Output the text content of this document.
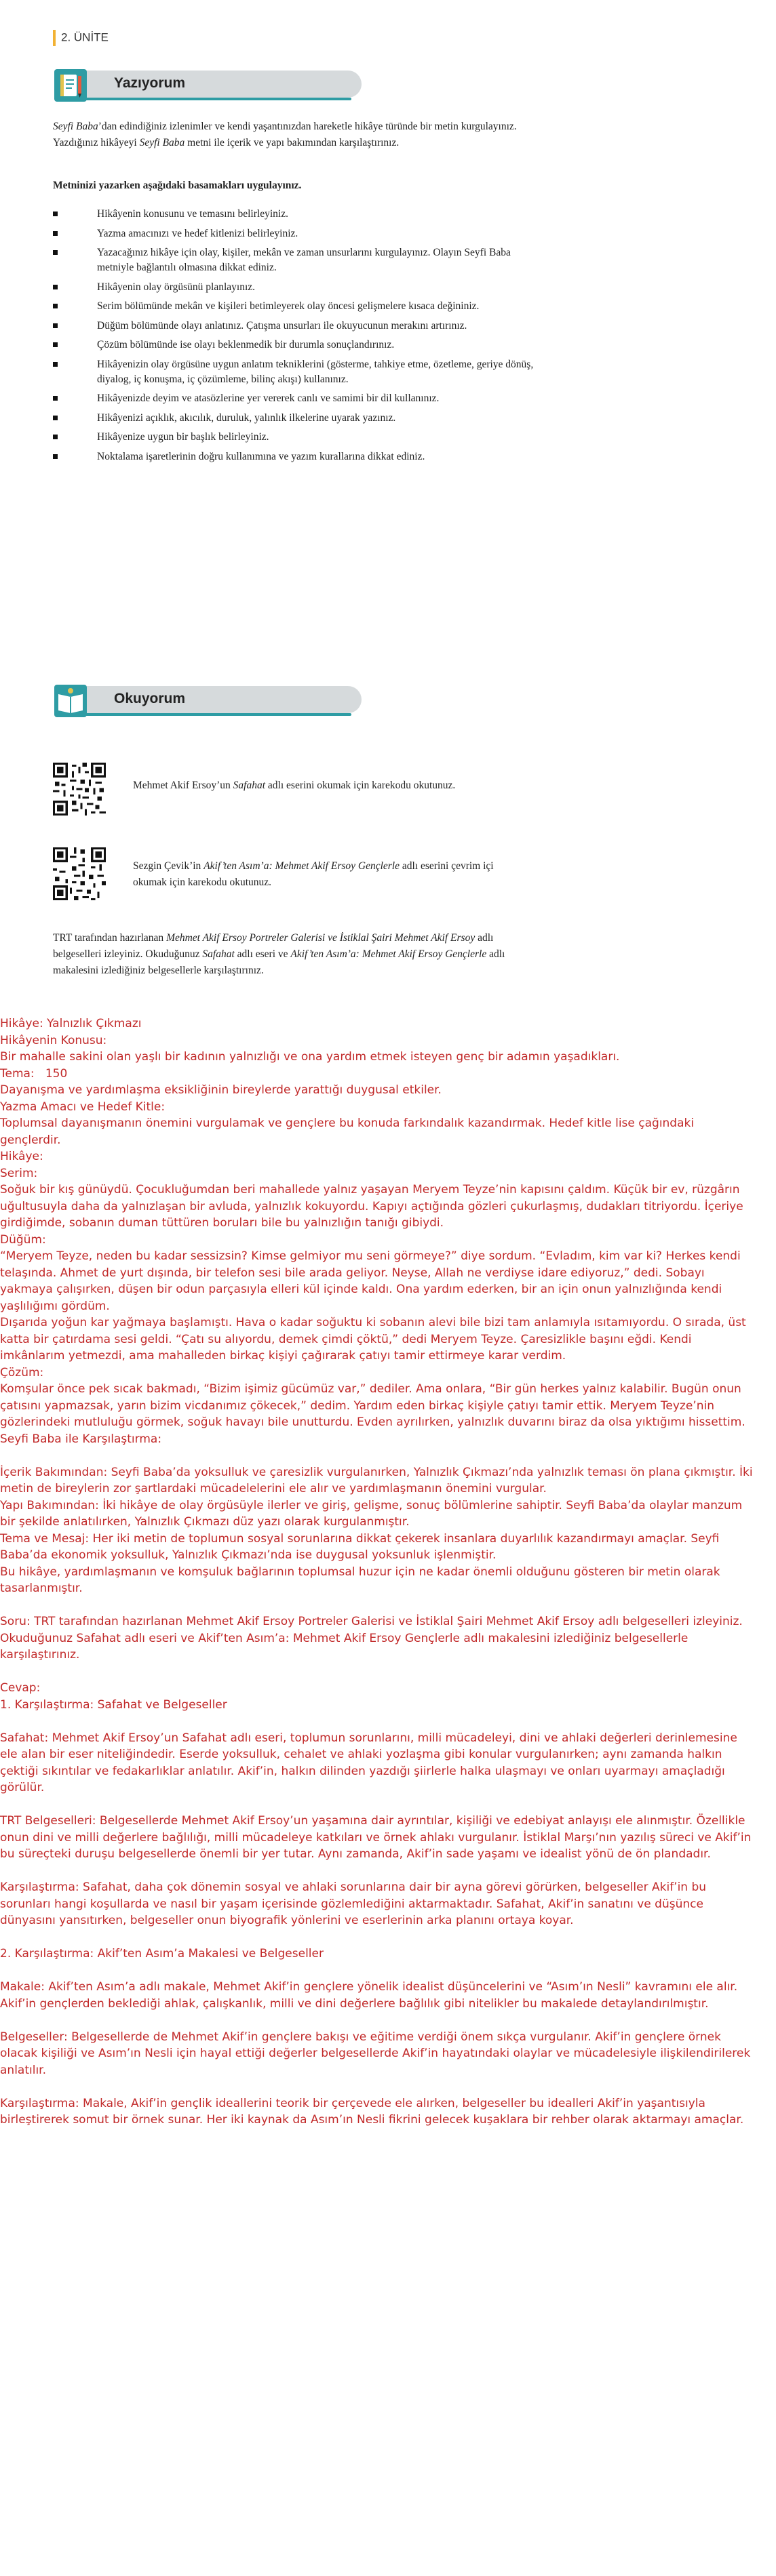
2. ÜNİTE
Yazıyorum

Seyfi Baba’dan edindiğiniz izlenimler ve kendi yaşantınızdan hareketle hikâye türünde bir metin kurgulayınız. Yazdığınız hikâyeyi Seyfi Baba metni ile içerik ve yapı bakımından karşılaştırınız.

Metninizi yazarken aşağıdaki basamakları uygulayınız.

Hikâyenin konusunu ve temasını belirleyiniz.
Yazma amacınızı ve hedef kitlenizi belirleyiniz.
Yazacağınız hikâye için olay, kişiler, mekân ve zaman unsurlarını kurgulayınız. Olayın Seyfi Baba metniyle bağlantılı olmasına dikkat ediniz.
Hikâyenin olay örgüsünü planlayınız.
Serim bölümünde mekân ve kişileri betimleyerek olay öncesi gelişmelere kısaca değininiz.
Düğüm bölümünde olayı anlatınız. Çatışma unsurları ile okuyucunun merakını artırınız.
Çözüm bölümünde ise olayı beklenmedik bir durumla sonuçlandırınız.
Hikâyenizin olay örgüsüne uygun anlatım tekniklerini (gösterme, tahkiye etme, özetleme, geriye dönüş, diyalog, iç konuşma, iç çözümleme, bilinç akışı) kullanınız.
Hikâyenizde deyim ve atasözlerine yer vererek canlı ve samimi bir dil kullanınız.
Hikâyenizi açıklık, akıcılık, duruluk, yalınlık ilkelerine uyarak yazınız.
Hikâyenize uygun bir başlık belirleyiniz.
Noktalama işaretlerinin doğru kullanımına ve yazım kurallarına dikkat ediniz.
Okuyorum

Mehmet Akif Ersoy’un Safahat adlı eserini okumak için karekodu okutunuz.

Sezgin Çevik’in Akif’ten Asım’a: Mehmet Akif Ersoy Gençlerle adlı eserini çevrim içi okumak için karekodu okutunuz.

TRT tarafından hazırlanan Mehmet Akif Ersoy Portreler Galerisi ve İstiklal Şairi Mehmet Akif Ersoy adlı belgeselleri izleyiniz. Okuduğunuz Safahat adlı eseri ve Akif’ten Asım’a: Mehmet Akif Ersoy Gençlerle adlı makalesini izlediğiniz belgesellerle karşılaştırınız.

Hikâye: Yalnızlık Çıkmazı
Hikâyenin Konusu:
Bir mahalle sakini olan yaşlı bir kadının yalnızlığı ve ona yardım etmek isteyen genç bir adamın yaşadıkları.
Tema:   150
Dayanışma ve yardımlaşma eksikliğinin bireylerde yarattığı duygusal etkiler.
Yazma Amacı ve Hedef Kitle:
Toplumsal dayanışmanın önemini vurgulamak ve gençlere bu konuda farkındalık kazandırmak. Hedef kitle lise çağındaki gençlerdir.
Hikâye:
Serim:
Soğuk bir kış günüydü. Çocukluğumdan beri mahallede yalnız yaşayan Meryem Teyze’nin kapısını çaldım. Küçük bir ev, rüzgârın uğultusuyla daha da yalnızlaşan bir avluda, yalnızlık kokuyordu. Kapıyı açtığında gözleri çukurlaşmış, dudakları titriyordu. İçeriye girdiğimde, sobanın duman tüttüren boruları bile bu yalnızlığın tanığı gibiydi.
Düğüm:
“Meryem Teyze, neden bu kadar sessizsin? Kimse gelmiyor mu seni görmeye?” diye sordum. “Evladım, kim var ki? Herkes kendi telaşında. Ahmet de yurt dışında, bir telefon sesi bile arada geliyor. Neyse, Allah ne verdiyse idare ediyoruz,” dedi. Sobayı yakmaya çalışırken, düşen bir odun parçasıyla elleri kül içinde kaldı. Ona yardım ederken, bir an için onun yalnızlığında kendi yaşlılığımı gördüm.
Dışarıda yoğun kar yağmaya başlamıştı. Hava o kadar soğuktu ki sobanın alevi bile bizi tam anlamıyla ısıtamıyordu. O sırada, üst katta bir çatırdama sesi geldi. “Çatı su alıyordu, demek çimdi çöktü,” dedi Meryem Teyze. Çaresizlikle başını eğdi. Kendi imkânlarım yetmezdi, ama mahalleden birkaç kişiyi çağırarak çatıyı tamir ettirmeye karar verdim.
Çözüm:
Komşular önce pek sıcak bakmadı, “Bizim işimiz gücümüz var,” dediler. Ama onlara, “Bir gün herkes yalnız kalabilir. Bugün onun çatısını yapmazsak, yarın bizim vicdanımız çökecek,” dedim. Yardım eden birkaç kişiyle çatıyı tamir ettik. Meryem Teyze’nin gözlerindeki mutluluğu görmek, soğuk havayı bile unutturdu. Evden ayrılırken, yalnızlık duvarını biraz da olsa yıktığımı hissettim.
Seyfi Baba ile Karşılaştırma:
İçerik Bakımından: Seyfi Baba’da yoksulluk ve çaresizlik vurgulanırken, Yalnızlık Çıkmazı’nda yalnızlık teması ön plana çıkmıştır. İki metin de bireylerin zor şartlardaki mücadelelerini ele alır ve yardımlaşmanın önemini vurgular.
Yapı Bakımından: İki hikâye de olay örgüsüyle ilerler ve giriş, gelişme, sonuç bölümlerine sahiptir. Seyfi Baba’da olaylar manzum bir şekilde anlatılırken, Yalnızlık Çıkmazı düz yazı olarak kurgulanmıştır.
Tema ve Mesaj: Her iki metin de toplumun sosyal sorunlarına dikkat çekerek insanlara duyarlılık kazandırmayı amaçlar. Seyfi Baba’da ekonomik yoksulluk, Yalnızlık Çıkmazı’nda ise duygusal yoksunluk işlenmiştir.
Bu hikâye, yardımlaşmanın ve komşuluk bağlarının toplumsal huzur için ne kadar önemli olduğunu gösteren bir metin olarak tasarlanmıştır.
Soru: TRT tarafından hazırlanan Mehmet Akif Ersoy Portreler Galerisi ve İstiklal Şairi Mehmet Akif Ersoy adlı belgeselleri izleyiniz. Okuduğunuz Safahat adlı eseri ve Akif’ten Asım’a: Mehmet Akif Ersoy Gençlerle adlı makalesini izlediğiniz belgesellerle karşılaştırınız.
Cevap:
1. Karşılaştırma: Safahat ve Belgeseller
Safahat: Mehmet Akif Ersoy’un Safahat adlı eseri, toplumun sorunlarını, milli mücadeleyi, dini ve ahlaki değerleri derinlemesine ele alan bir eser niteliğindedir. Eserde yoksulluk, cehalet ve ahlaki yozlaşma gibi konular vurgulanırken; aynı zamanda halkın çektiği sıkıntılar ve fedakarlıklar anlatılır. Akif’in, halkın dilinden yazdığı şiirlerle halka ulaşmayı ve onları uyarmayı amaçladığı görülür.
TRT Belgeselleri: Belgesellerde Mehmet Akif Ersoy’un yaşamına dair ayrıntılar, kişiliği ve edebiyat anlayışı ele alınmıştır. Özellikle onun dini ve milli değerlere bağlılığı, milli mücadeleye katkıları ve örnek ahlakı vurgulanır. İstiklal Marşı’nın yazılış süreci ve Akif’in bu süreçteki duruşu belgesellerde önemli bir yer tutar. Aynı zamanda, Akif’in sade yaşamı ve idealist yönü de ön plandadır.
Karşılaştırma: Safahat, daha çok dönemin sosyal ve ahlaki sorunlarına dair bir ayna görevi görürken, belgeseller Akif’in bu sorunları hangi koşullarda ve nasıl bir yaşam içerisinde gözlemlediğini aktarmaktadır. Safahat, Akif’in sanatını ve düşünce dünyasını yansıtırken, belgeseller onun biyografik yönlerini ve eserlerinin arka planını ortaya koyar.
2. Karşılaştırma: Akif’ten Asım’a Makalesi ve Belgeseller
Makale: Akif’ten Asım’a adlı makale, Mehmet Akif’in gençlere yönelik idealist düşüncelerini ve “Asım’ın Nesli” kavramını ele alır. Akif’in gençlerden beklediği ahlak, çalışkanlık, milli ve dini değerlere bağlılık gibi nitelikler bu makalede detaylandırılmıştır.
Belgeseller: Belgesellerde de Mehmet Akif’in gençlere bakışı ve eğitime verdiği önem sıkça vurgulanır. Akif’in gençlere örnek olacak kişiliği ve Asım’ın Nesli için hayal ettiği değerler belgesellerde Akif’in hayatındaki olaylar ve mücadelesiyle ilişkilendirilerek anlatılır.
Karşılaştırma: Makale, Akif’in gençlik ideallerini teorik bir çerçevede ele alırken, belgeseller bu idealleri Akif’in yaşantısıyla birleştirerek somut bir örnek sunar. Her iki kaynak da Asım’ın Nesli fikrini gelecek kuşaklara bir rehber olarak aktarmayı amaçlar.
